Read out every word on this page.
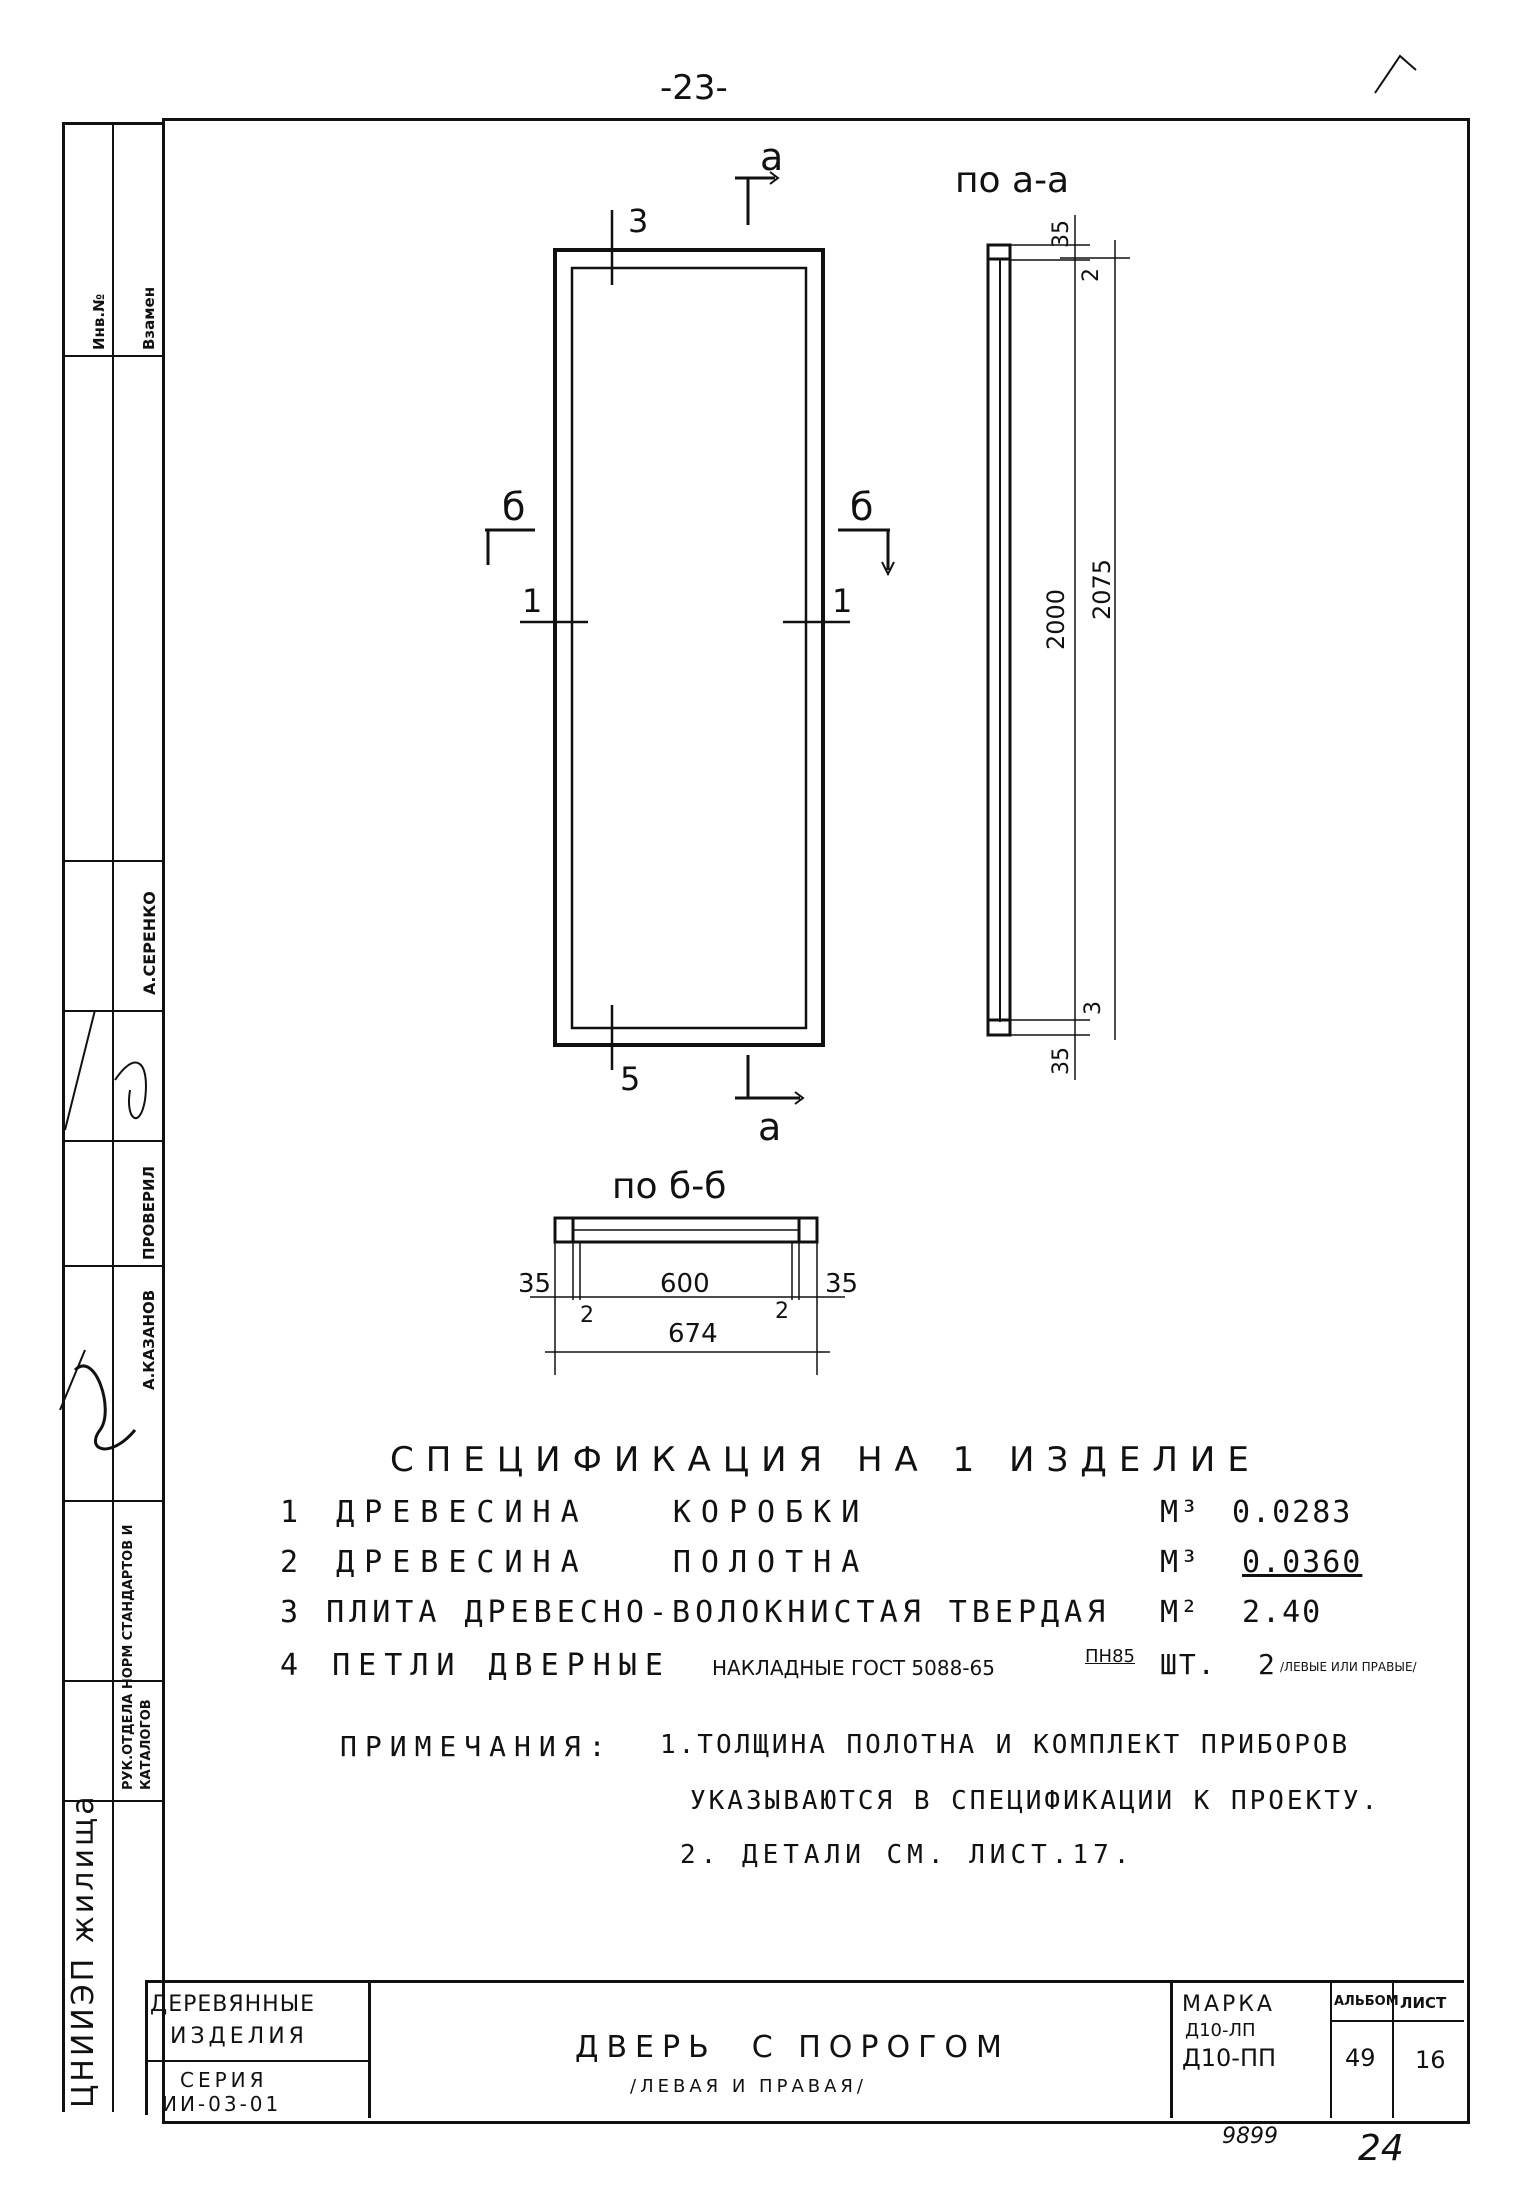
-23-
Инв.№ Взамен
А.СЕРЕНКО
ПРОВЕРИЛ
А.КАЗАНОВ
РУК.ОТДЕЛА НОРМ СТАНДАРТОВ И КАТАЛОГОВ
ЦНИИЭП жилища
а
а
б	б
3
5
1	1
по а-а
35
2
2000 2075
3
35
по б-б
35	600	35
2	2
674
СПЕЦИФИКАЦИЯ НА 1 ИЗДЕЛИЕ
1 ДРЕВЕСИНА   КОРОБКИ	М³ 0.0283
2 ДРЕВЕСИНА   ПОЛОТНА	М³ 0.0360
3 ПЛИТА ДРЕВЕСНО-ВОЛОКНИСТАЯ ТВЕРДАЯ М² 2.40
4 ПЕТЛИ ДВЕРНЫЕ НАКЛАДНЫЕ ГОСТ 5088-65	ПН85 ШТ. 2 /ЛЕВЫЕ ИЛИ ПРАВЫЕ/
ПРИМЕЧАНИЯ: 1.ТОЛЩИНА ПОЛОТНА И КОМПЛЕКТ ПРИБОРОВ
УКАЗЫВАЮТСЯ В СПЕЦИФИКАЦИИ К ПРОЕКТУ.
2. ДЕТАЛИ СМ. ЛИСТ.17.
ДЕРЕВЯННЫЕ
ИЗДЕЛИЯ
СЕРИЯ
ИИ-03-01
ДВЕРЬ  С ПОРОГОМ
/ЛЕВАЯ И ПРАВАЯ/
МАРКА
Д10-ЛП
Д10-ПП
АЛЬБОМ
49
ЛИСТ
16
9899 24
